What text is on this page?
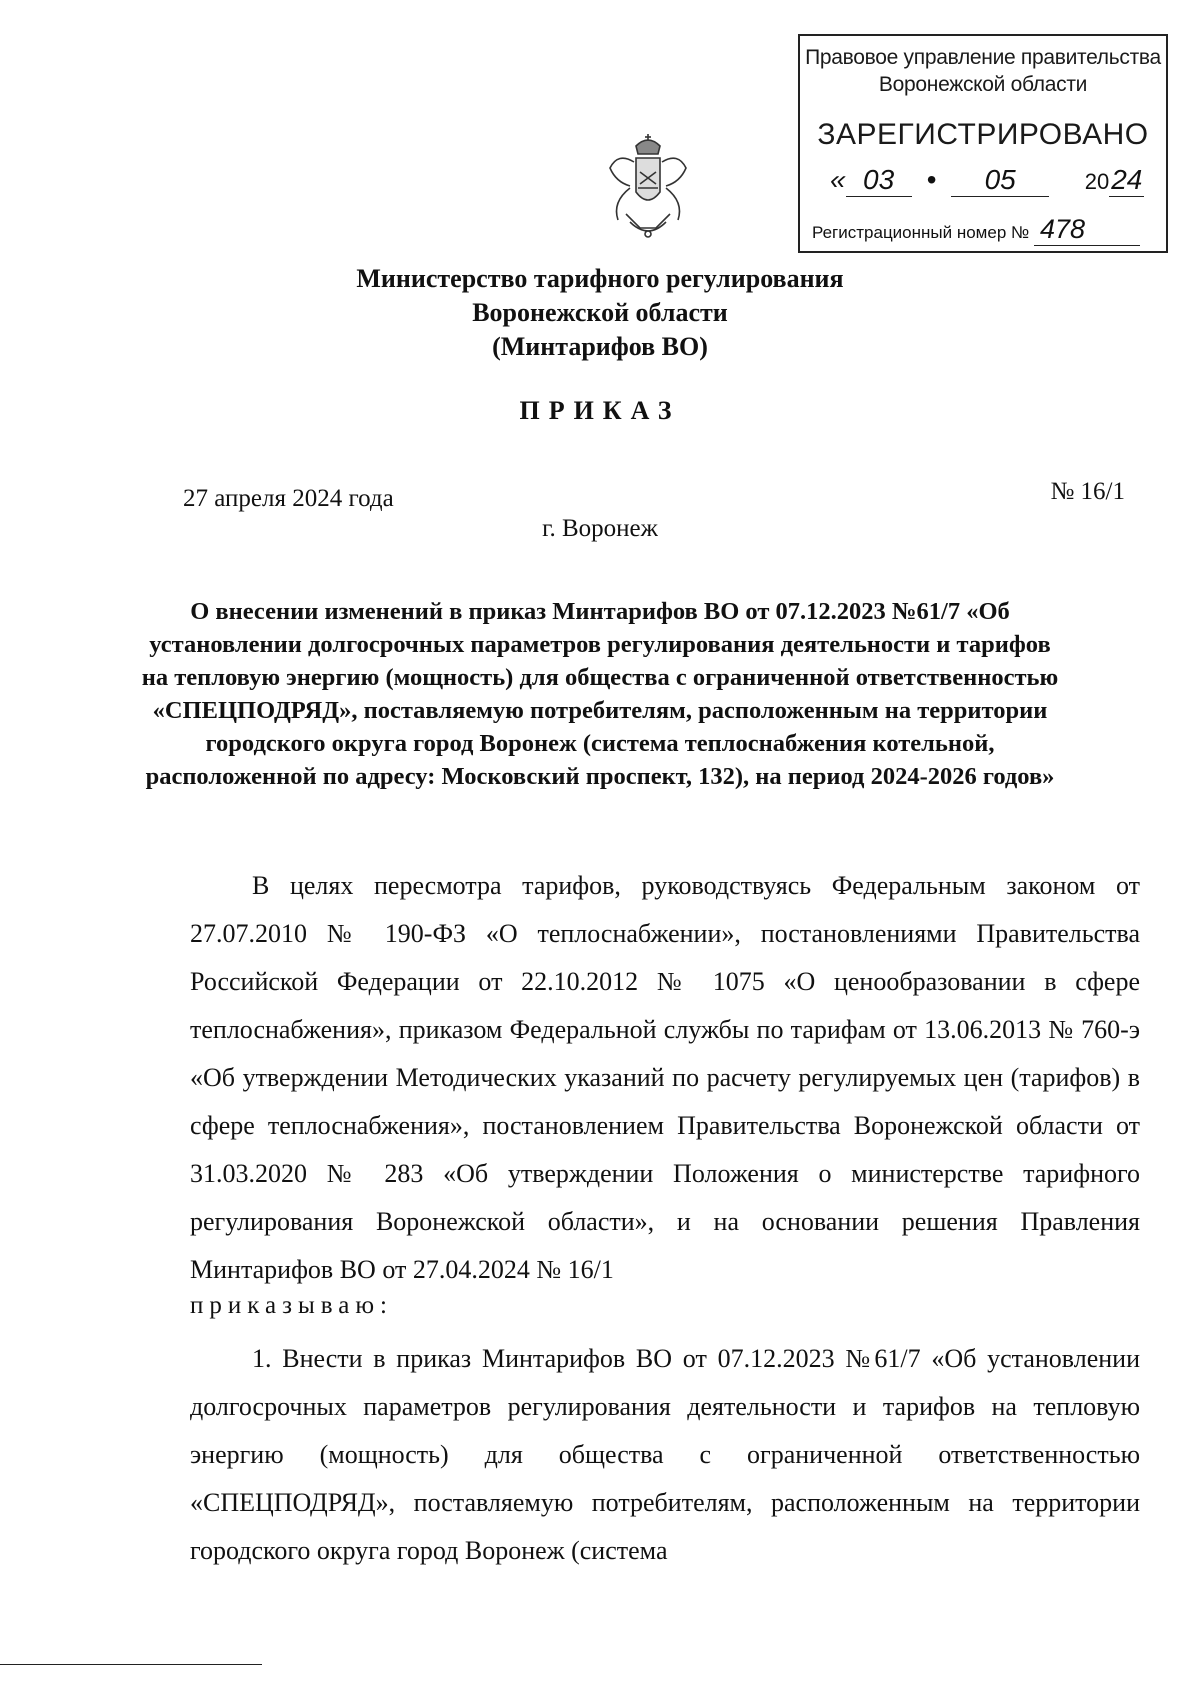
Правовое управление правительства
Воронежской области
ЗАРЕГИСТРИРОВАНО
« 03 • 05	2024
Регистрационный номер № 478
Министерство тарифного регулирования
Воронежской области
(Минтарифов ВО)
ПРИКАЗ
27 апреля 2024 года	№ 16/1
г. Воронеж
О внесении изменений в приказ Минтарифов ВО от 07.12.2023 №61/7 «Об установлении долгосрочных параметров регулирования деятельности и тарифов на тепловую энергию (мощность) для общества с ограниченной ответственностью «СПЕЦПОДРЯД», поставляемую потребителям, расположенным на территории городского округа город Воронеж (система теплоснабжения котельной, расположенной по адресу: Московский проспект, 132), на период 2024-2026 годов»

В целях пересмотра тарифов, руководствуясь Федеральным законом от 27.07.2010 № 190-ФЗ «О теплоснабжении», постановлениями Правительства Российской Федерации от 22.10.2012 № 1075 «О ценообразовании в сфере теплоснабжения», приказом Федеральной службы по тарифам от 13.06.2013 № 760-э «Об утверждении Методических указаний по расчету регулируемых цен (тарифов) в сфере теплоснабжения», постановлением Правительства Воронежской области от 31.03.2020 № 283 «Об утверждении Положения о министерстве тарифного регулирования Воронежской области», и на основании решения Правления Минтарифов ВО от 27.04.2024 № 16/1

приказываю:

1. Внести в приказ Минтарифов ВО от 07.12.2023 №61/7 «Об установлении долгосрочных параметров регулирования деятельности и тарифов на тепловую энергию (мощность) для общества с ограниченной ответственностью «СПЕЦПОДРЯД», поставляемую потребителям, расположенным на территории городского округа город Воронеж (система
